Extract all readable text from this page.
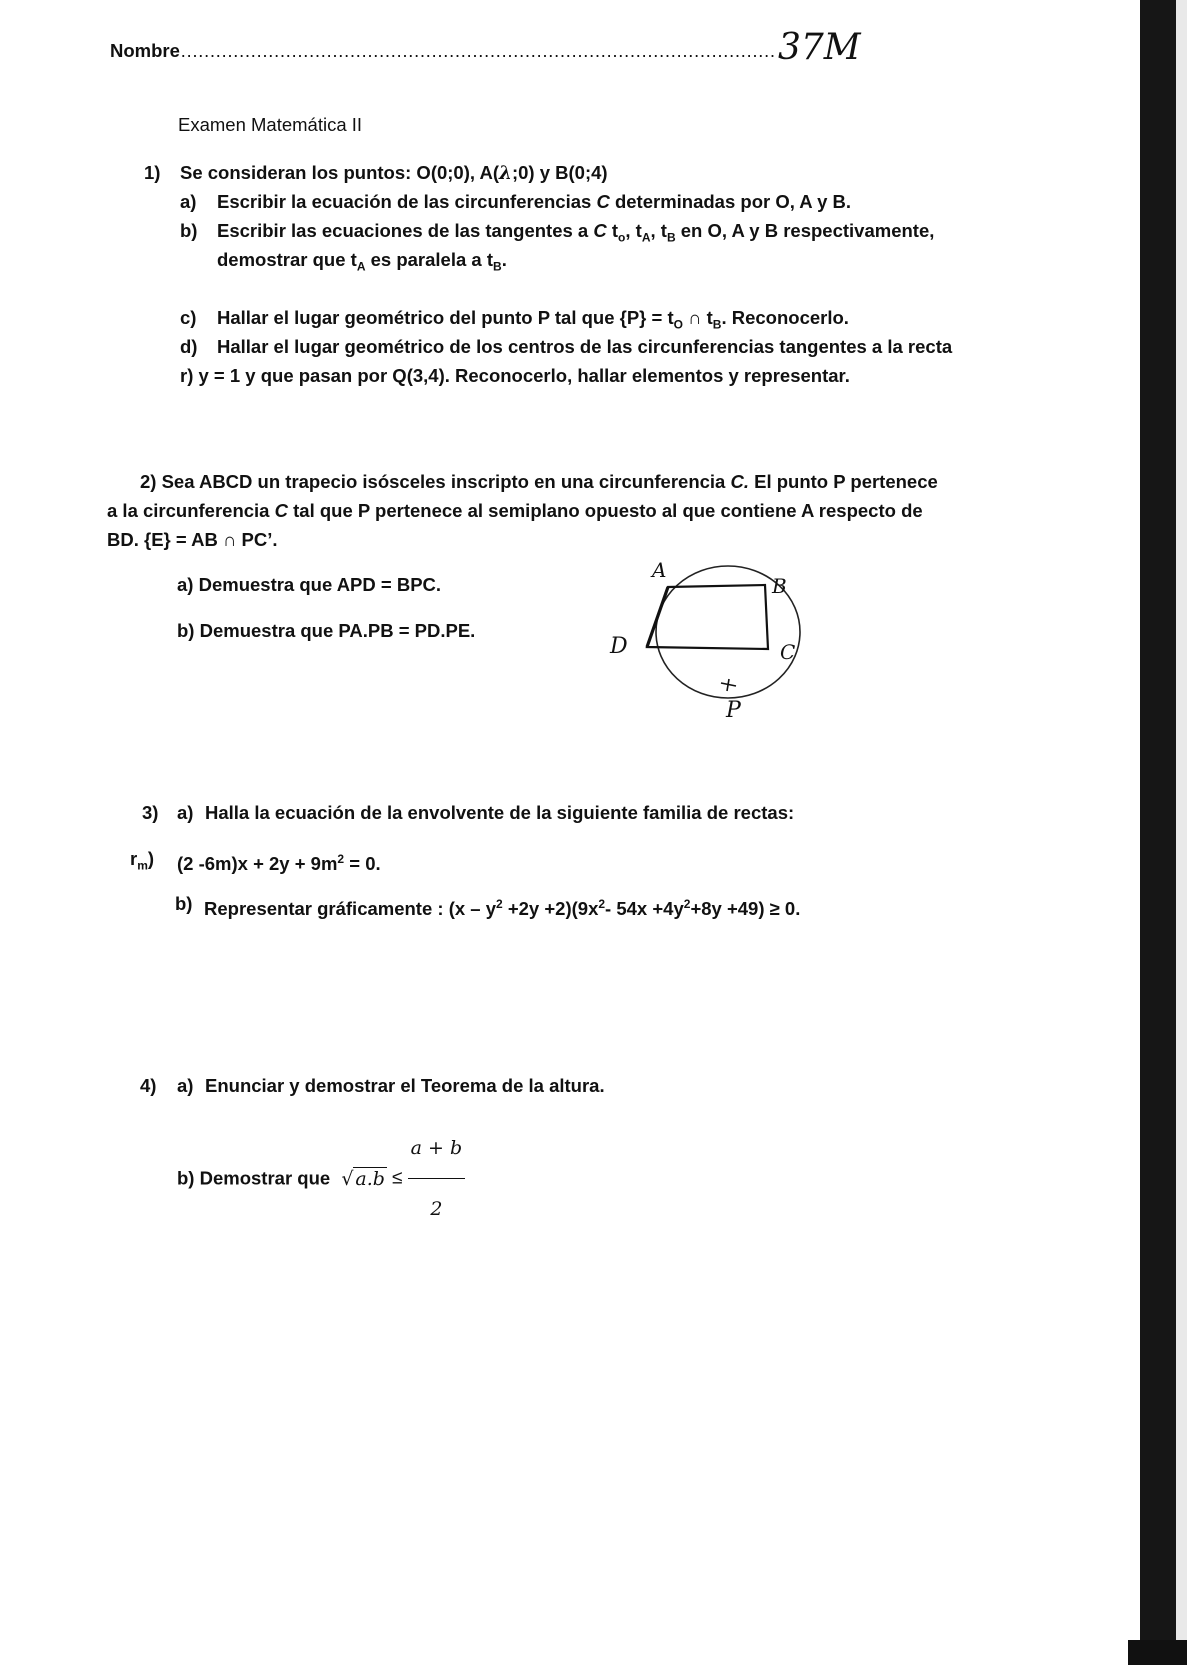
Nombre………………………………………………………………………………………… 37M
Examen Matemática II
1) Se consideran los puntos: O(0;0), A(λ;0) y B(0;4)
a) Escribir la ecuación de las circunferencias C determinadas por O, A y B.
b) Escribir las ecuaciones de las tangentes a C $t_o$, $t_A$, $t_B$ en O, A y B respectivamente,
demostrar que $t_A$ es paralela a $t_B$.
c) Hallar el lugar geométrico del punto P tal que $\{P\} = t_O$ ∩ $t_B$. Reconocerlo.
d) Hallar el lugar geométrico de los centros de las circunferencias tangentes a la recta
r) y = 1 y que pasan por Q(3,4). Reconocerlo, hallar elementos y representar.
2) Sea ABCD un trapecio isósceles inscripto en una circunferencia C. El punto P pertenece
a la circunferencia C tal que P pertenece al semiplano opuesto al que contiene A respecto de
BD. {E} = AB ∩ PC’.
a) Demuestra que APD = BPC.
b) Demuestra que PA.PB = PD.PE.
A
B
C
D
P
3) a) Halla la ecuación de la envolvente de la siguiente familia de rectas:
$r_m$) (2 $-6m)x + 2y + 9m^2 = 0$.
b) Representar gráficamente : $(x - y^2 +2y +2)(9x^2-$ $54x +4y^2+8y +49) \ge 0$.
4) a) Enunciar y demostrar el Teorema de la altura.
b) Demostrar que √ $a.b \le \frac{a + b}{2}$
